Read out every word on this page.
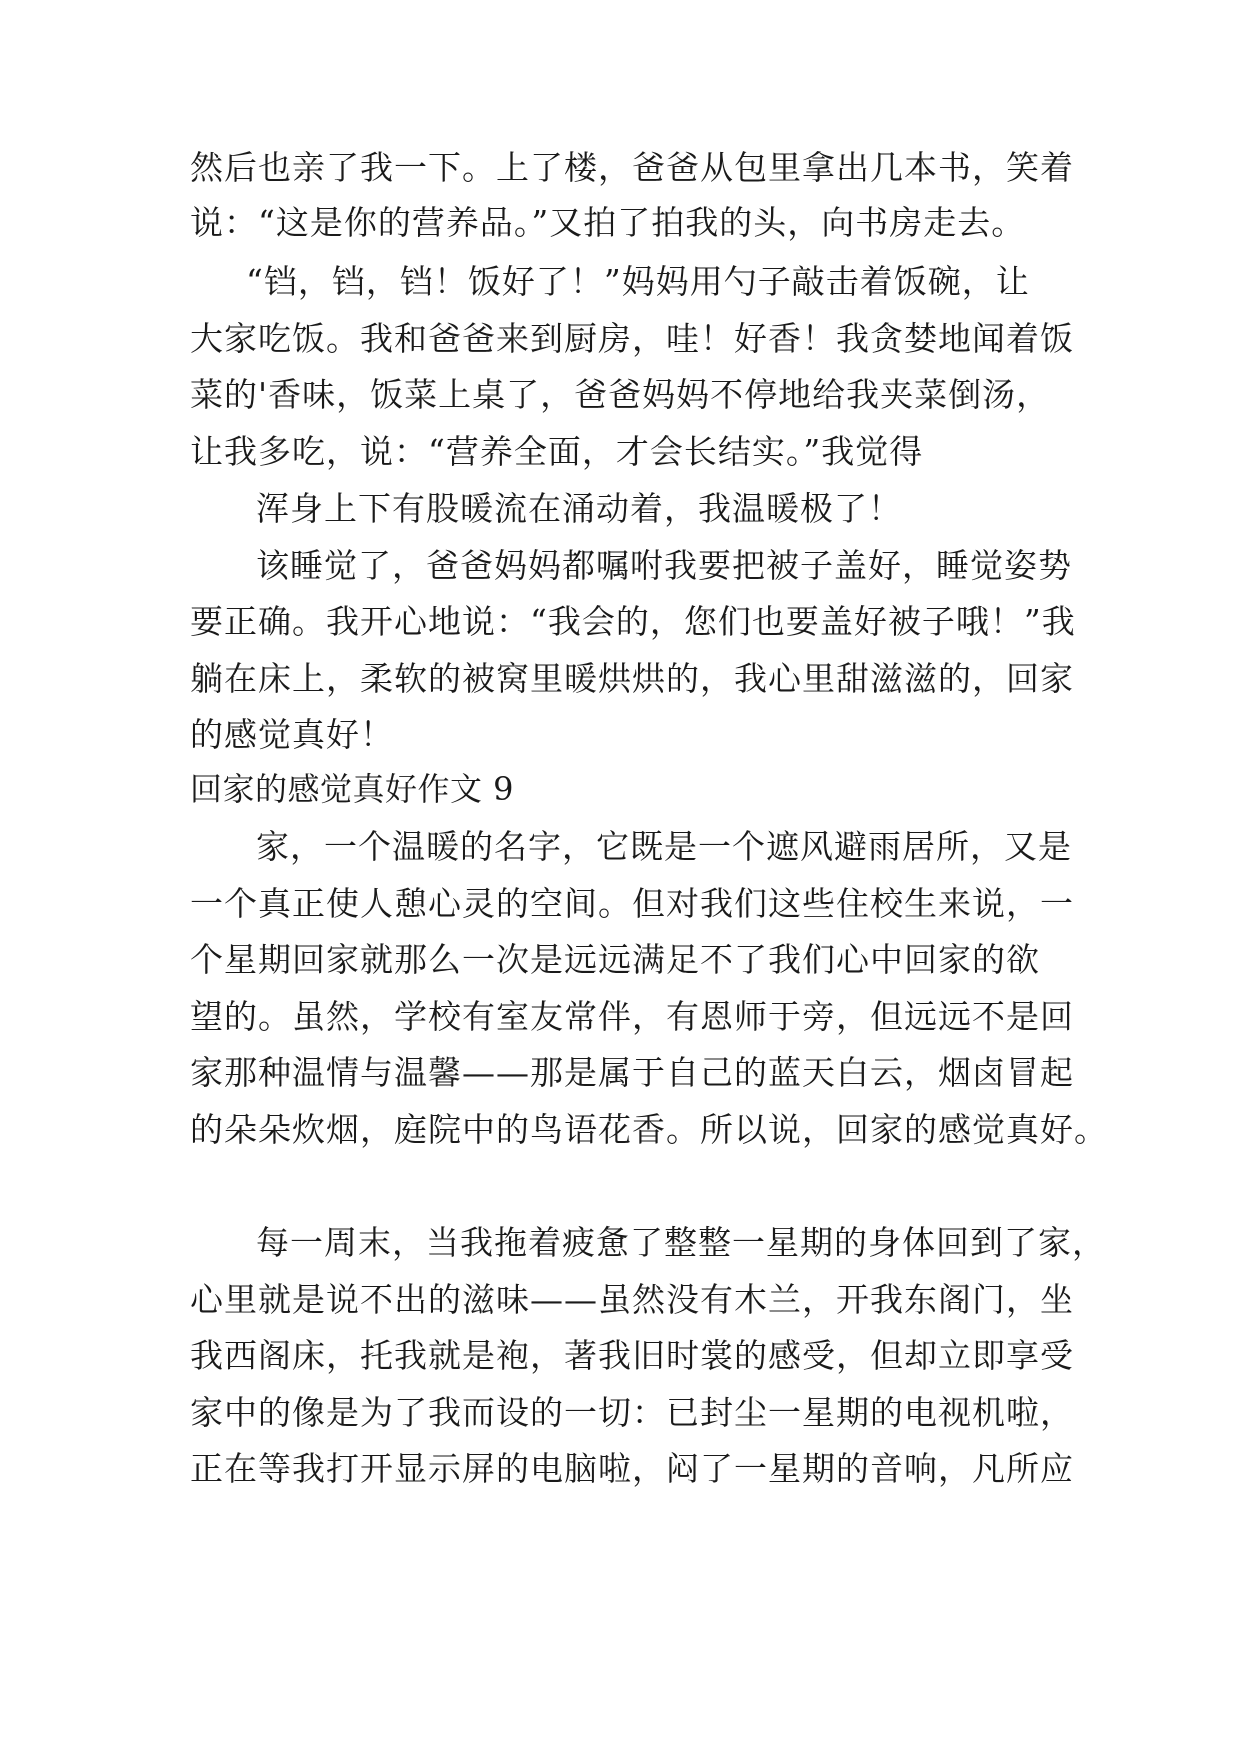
然后也亲了我一下。上了楼，爸爸从包里拿出几本书，笑着
说：“这是你的营养品。”又拍了拍我的头，向书房走去。
“铛，铛，铛！饭好了！”妈妈用勺子敲击着饭碗，让
大家吃饭。我和爸爸来到厨房，哇！好香！我贪婪地闻着饭
菜的'香味，饭菜上桌了，爸爸妈妈不停地给我夹菜倒汤，
让我多吃，说：“营养全面，才会长结实。”我觉得
浑身上下有股暖流在涌动着，我温暖极了！
该睡觉了，爸爸妈妈都嘱咐我要把被子盖好，睡觉姿势
要正确。我开心地说：“我会的，您们也要盖好被子哦！”我
躺在床上，柔软的被窝里暖烘烘的，我心里甜滋滋的，回家
的感觉真好！
回家的感觉真好作文 9
家，一个温暖的名字，它既是一个遮风避雨居所，又是
一个真正使人憩心灵的空间。但对我们这些住校生来说，一
个星期回家就那么一次是远远满足不了我们心中回家的欲
望的。虽然，学校有室友常伴，有恩师于旁，但远远不是回
家那种温情与温馨——那是属于自己的蓝天白云，烟卤冒起
的朵朵炊烟，庭院中的鸟语花香。所以说，回家的感觉真好。
每一周末，当我拖着疲惫了整整一星期的身体回到了家，
心里就是说不出的滋味——虽然没有木兰，开我东阁门，坐
我西阁床，托我就是袍，著我旧时裳的感受，但却立即享受
家中的像是为了我而设的一切：已封尘一星期的电视机啦，
正在等我打开显示屏的电脑啦，闷了一星期的音响，凡所应
